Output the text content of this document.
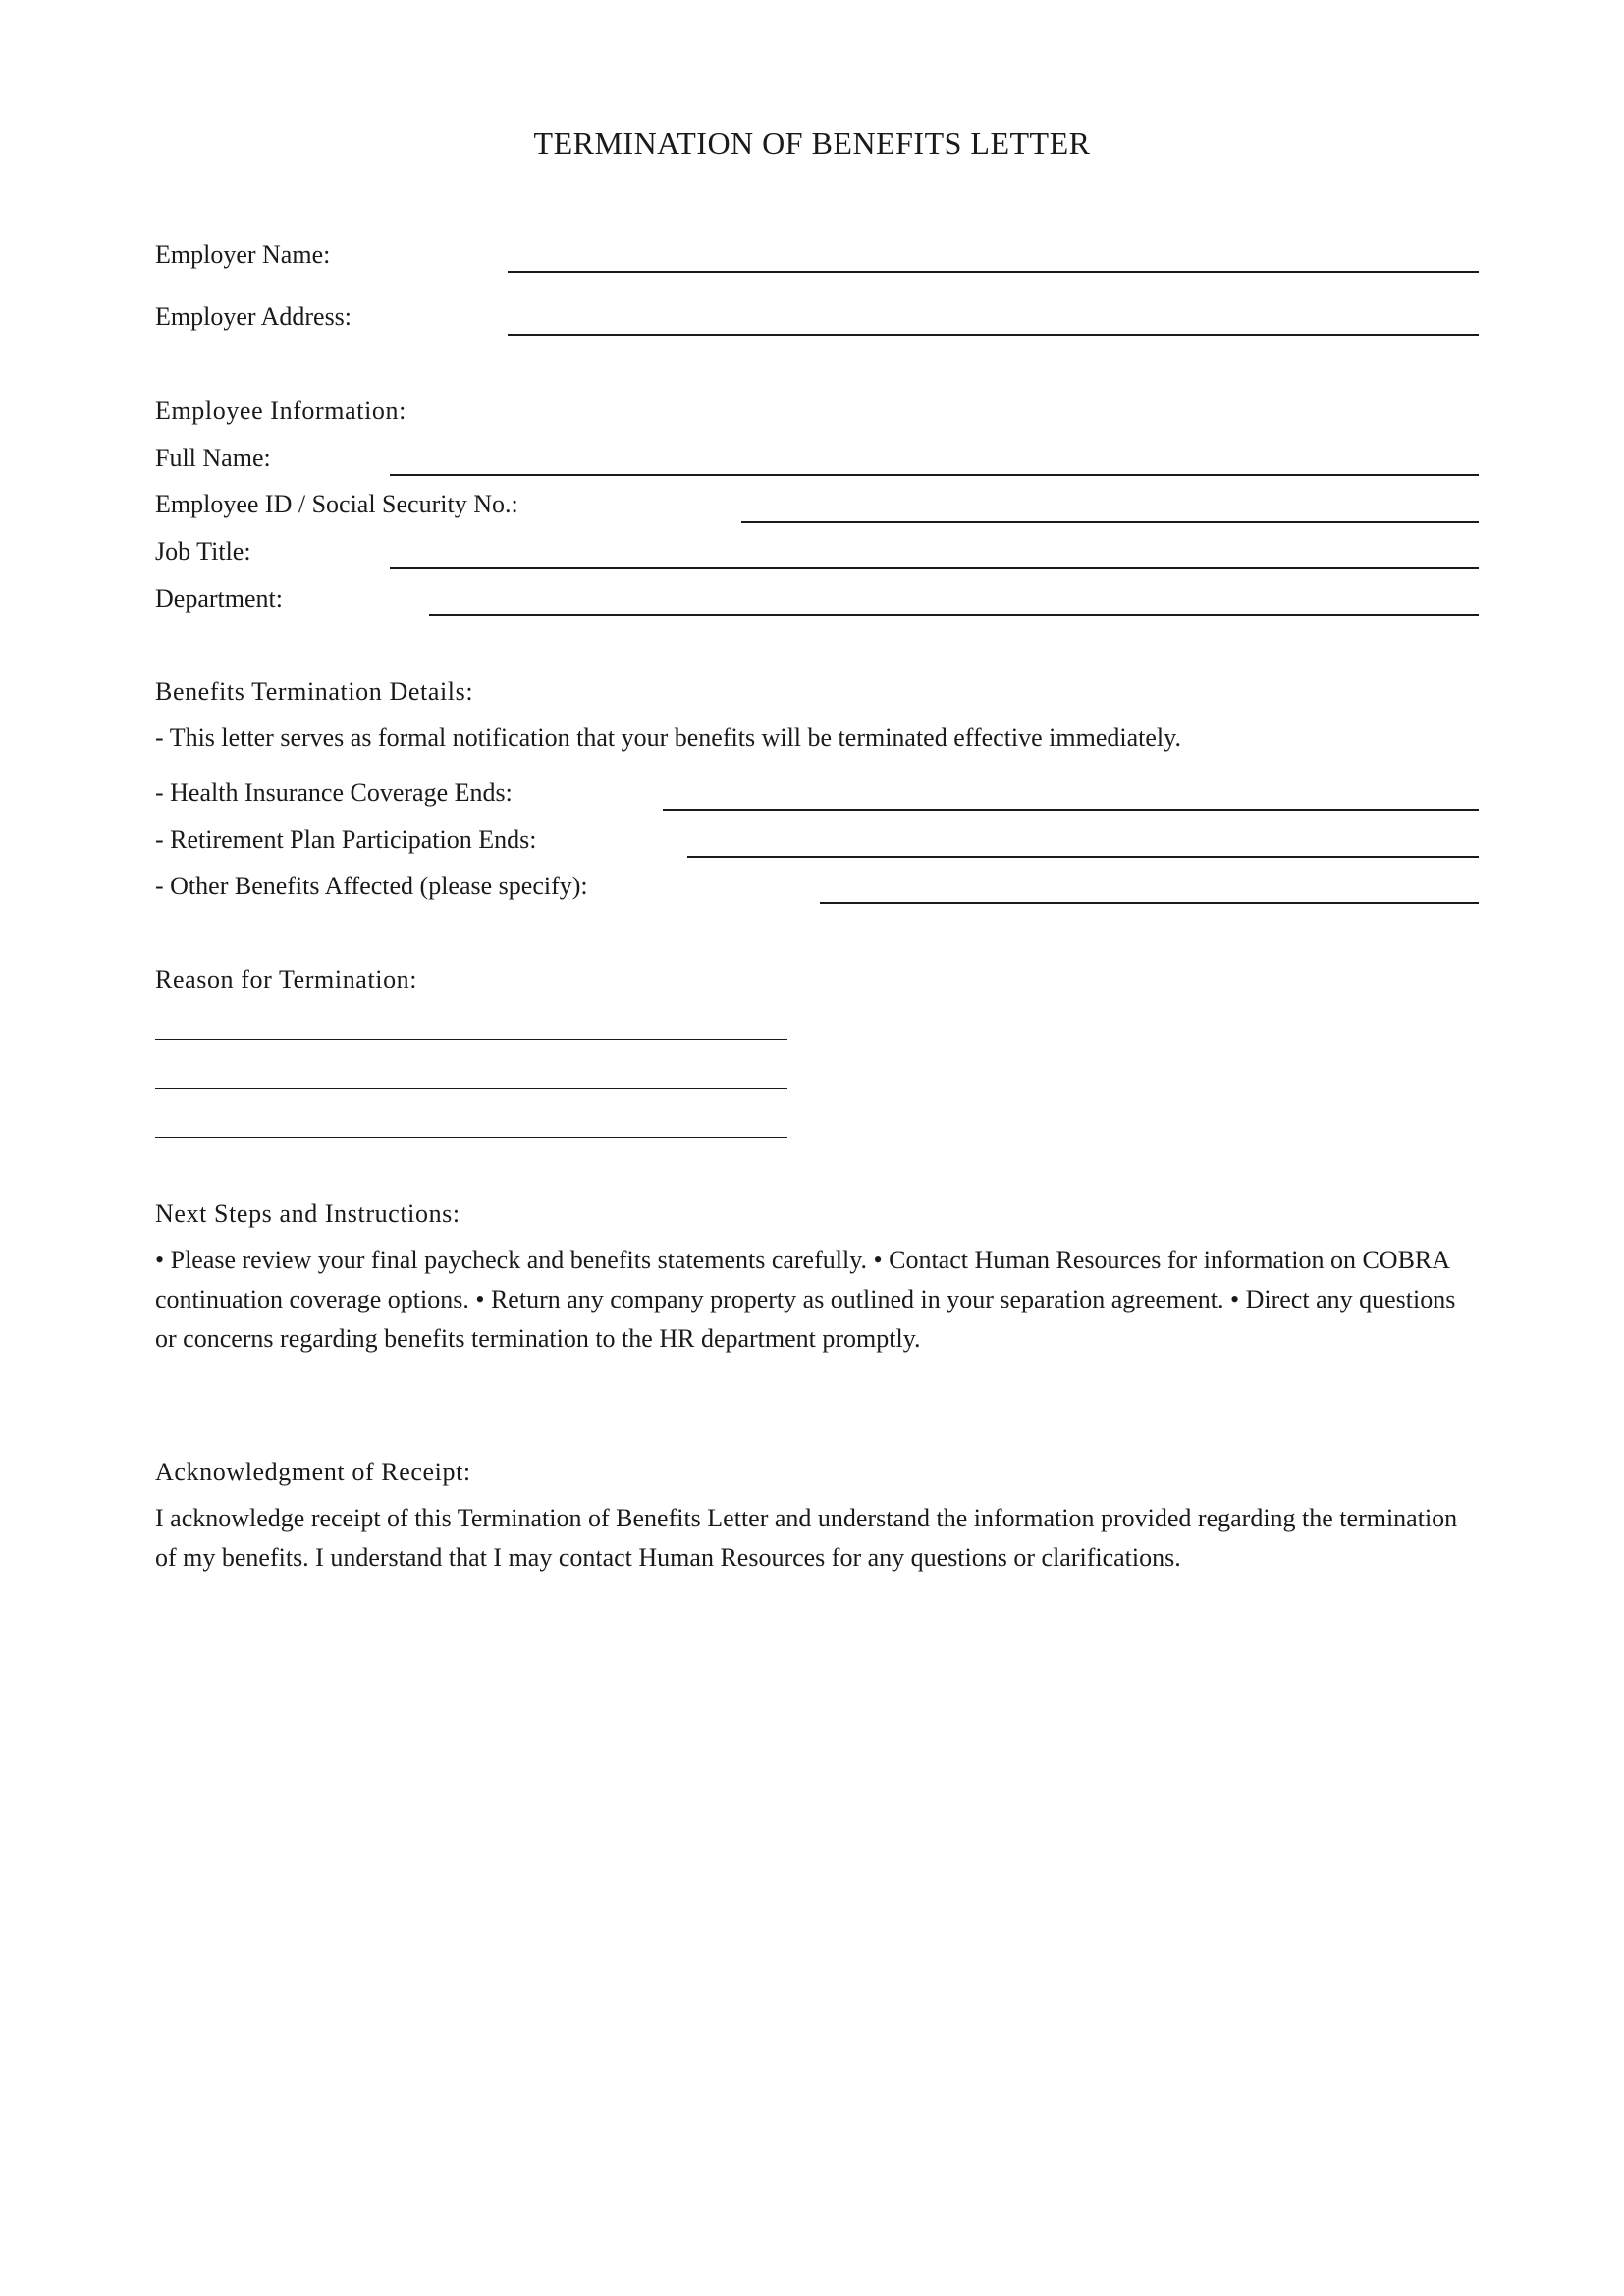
TERMINATION OF BENEFITS LETTER
Employer Name:
Employer Address:
Employee Information:
Full Name:
Employee ID / Social Security No.:
Job Title:
Department:
Benefits Termination Details:
- This letter serves as formal notification that your benefits will be terminated effective immediately.
- Health Insurance Coverage Ends:
- Retirement Plan Participation Ends:
- Other Benefits Affected (please specify):
Reason for Termination:
Next Steps and Instructions:
• Please review your final paycheck and benefits statements carefully. • Contact Human Resources for information on COBRA continuation coverage options. • Return any company property as outlined in your separation agreement. • Direct any questions or concerns regarding benefits termination to the HR department promptly.
Acknowledgment of Receipt:
I acknowledge receipt of this Termination of Benefits Letter and understand the information provided regarding the termination of my benefits. I understand that I may contact Human Resources for any questions or clarifications.
